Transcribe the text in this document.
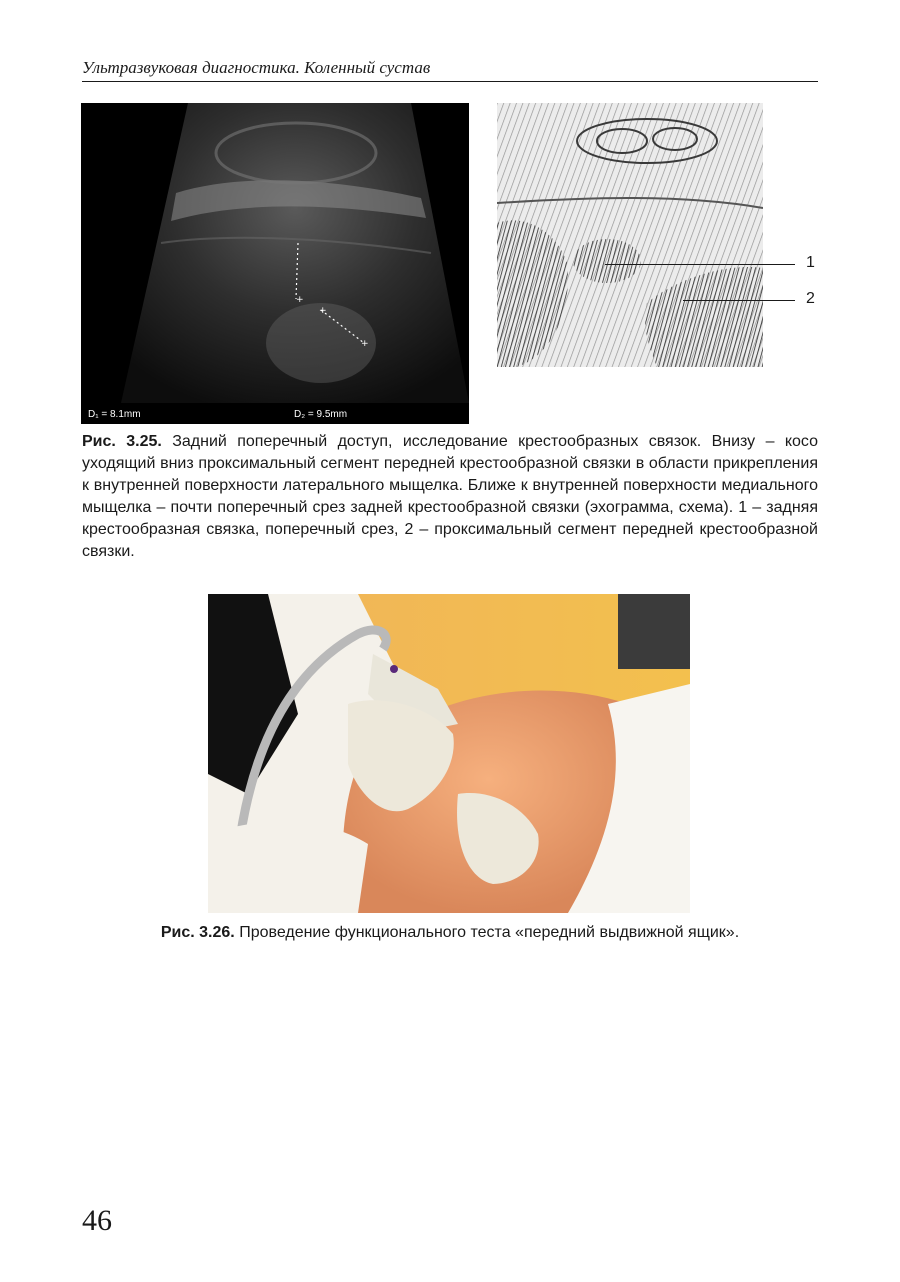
Ультразвуковая диагностика. Коленный сустав
+
+
+
D₁ = 8.1mm	D₂ = 9.5mm
1
2
Рис. 3.25. Задний поперечный доступ, исследование крестообразных связок. Внизу – косо уходящий вниз проксимальный сегмент передней крестообразной связки в области прикрепления к внутренней поверхности латерального мыщелка. Ближе к внутренней поверхности медиального мыщелка – почти поперечный срез задней крестообразной связки (эхограмма, схема). 1 – задняя крестообразная связка, поперечный срез, 2 – проксимальный сегмент передней крестообразной связки.
Рис. 3.26. Проведение функционального теста «передний выдвижной ящик».
46
